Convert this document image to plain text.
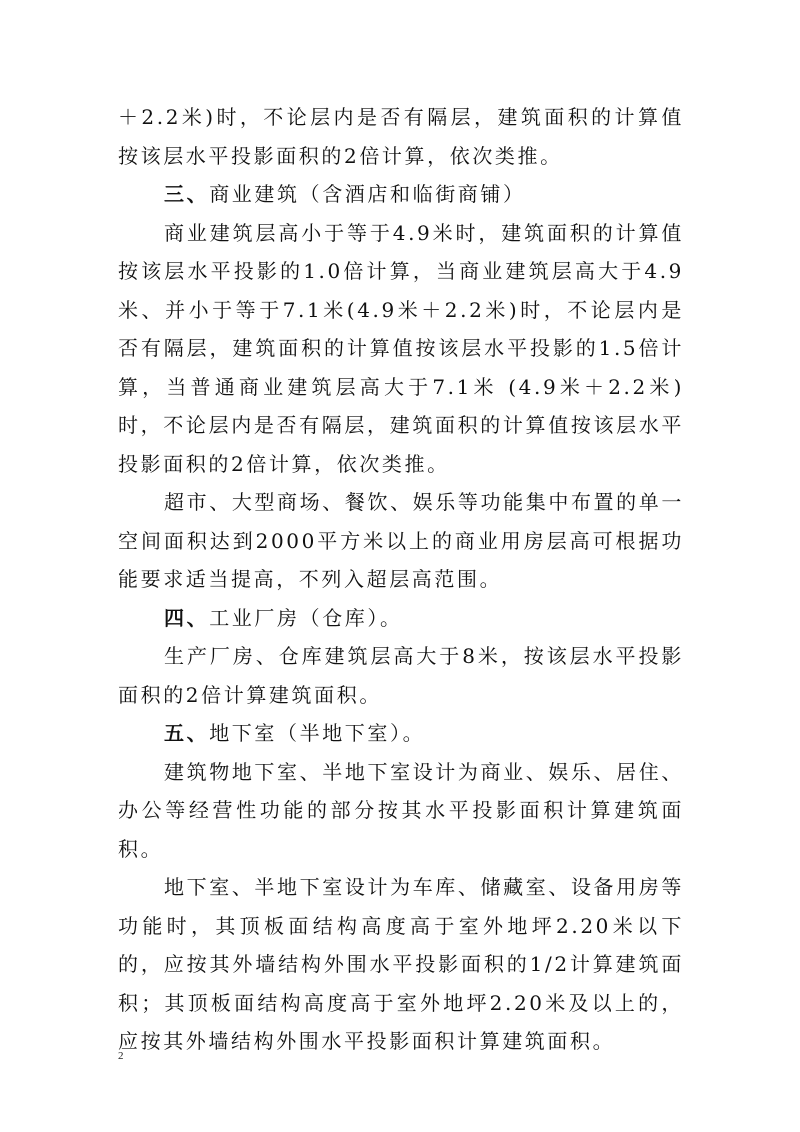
＋2.2米)时，不论层内是否有隔层，建筑面积的计算值按该层水平投影面积的2倍计算，依次类推。

三、商业建筑（含酒店和临街商铺）

商业建筑层高小于等于4.9米时，建筑面积的计算值按该层水平投影的1.0倍计算，当商业建筑层高大于4.9米、并小于等于7.1米(4.9米＋2.2米)时，不论层内是否有隔层，建筑面积的计算值按该层水平投影的1.5倍计算，当普通商业建筑层高大于7.1米 (4.9米＋2.2米)时，不论层内是否有隔层，建筑面积的计算值按该层水平投影面积的2倍计算，依次类推。

超市、大型商场、餐饮、娱乐等功能集中布置的单一空间面积达到2000平方米以上的商业用房层高可根据功能要求适当提高，不列入超层高范围。

四、工业厂房（仓库）。

生产厂房、仓库建筑层高大于8米，按该层水平投影面积的2倍计算建筑面积。

五、地下室（半地下室）。

建筑物地下室、半地下室设计为商业、娱乐、居住、办公等经营性功能的部分按其水平投影面积计算建筑面积。

地下室、半地下室设计为车库、储藏室、设备用房等功能时，其顶板面结构高度高于室外地坪2.20米以下的，应按其外墙结构外围水平投影面积的1/2计算建筑面积；其顶板面结构高度高于室外地坪2.20米及以上的，应按其外墙结构外围水平投影面积计算建筑面积。

2
